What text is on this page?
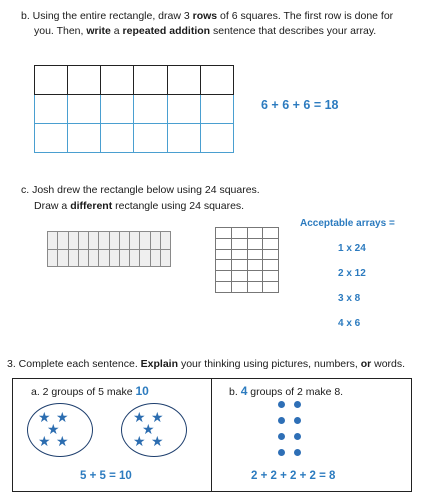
b. Using the entire rectangle, draw 3 rows of 6 squares. The first row is done for
you. Then, write a repeated addition sentence that describes your array.

6 + 6 + 6 = 18
c. Josh drew the rectangle below using 24 squares.
Draw a different rectangle using 24 squares.

Acceptable arrays =
1 x 24
2 x 12
3 x 8
4 x 6
3. Complete each sentence. Explain your thinking using pictures, numbers, or words.
a. 2 groups of 5 make 10
★ ★
★
★ ★
★ ★
★
★ ★
5 + 5 = 10
b. 4 groups of 2 make 8.
2 + 2 + 2 + 2 = 8
